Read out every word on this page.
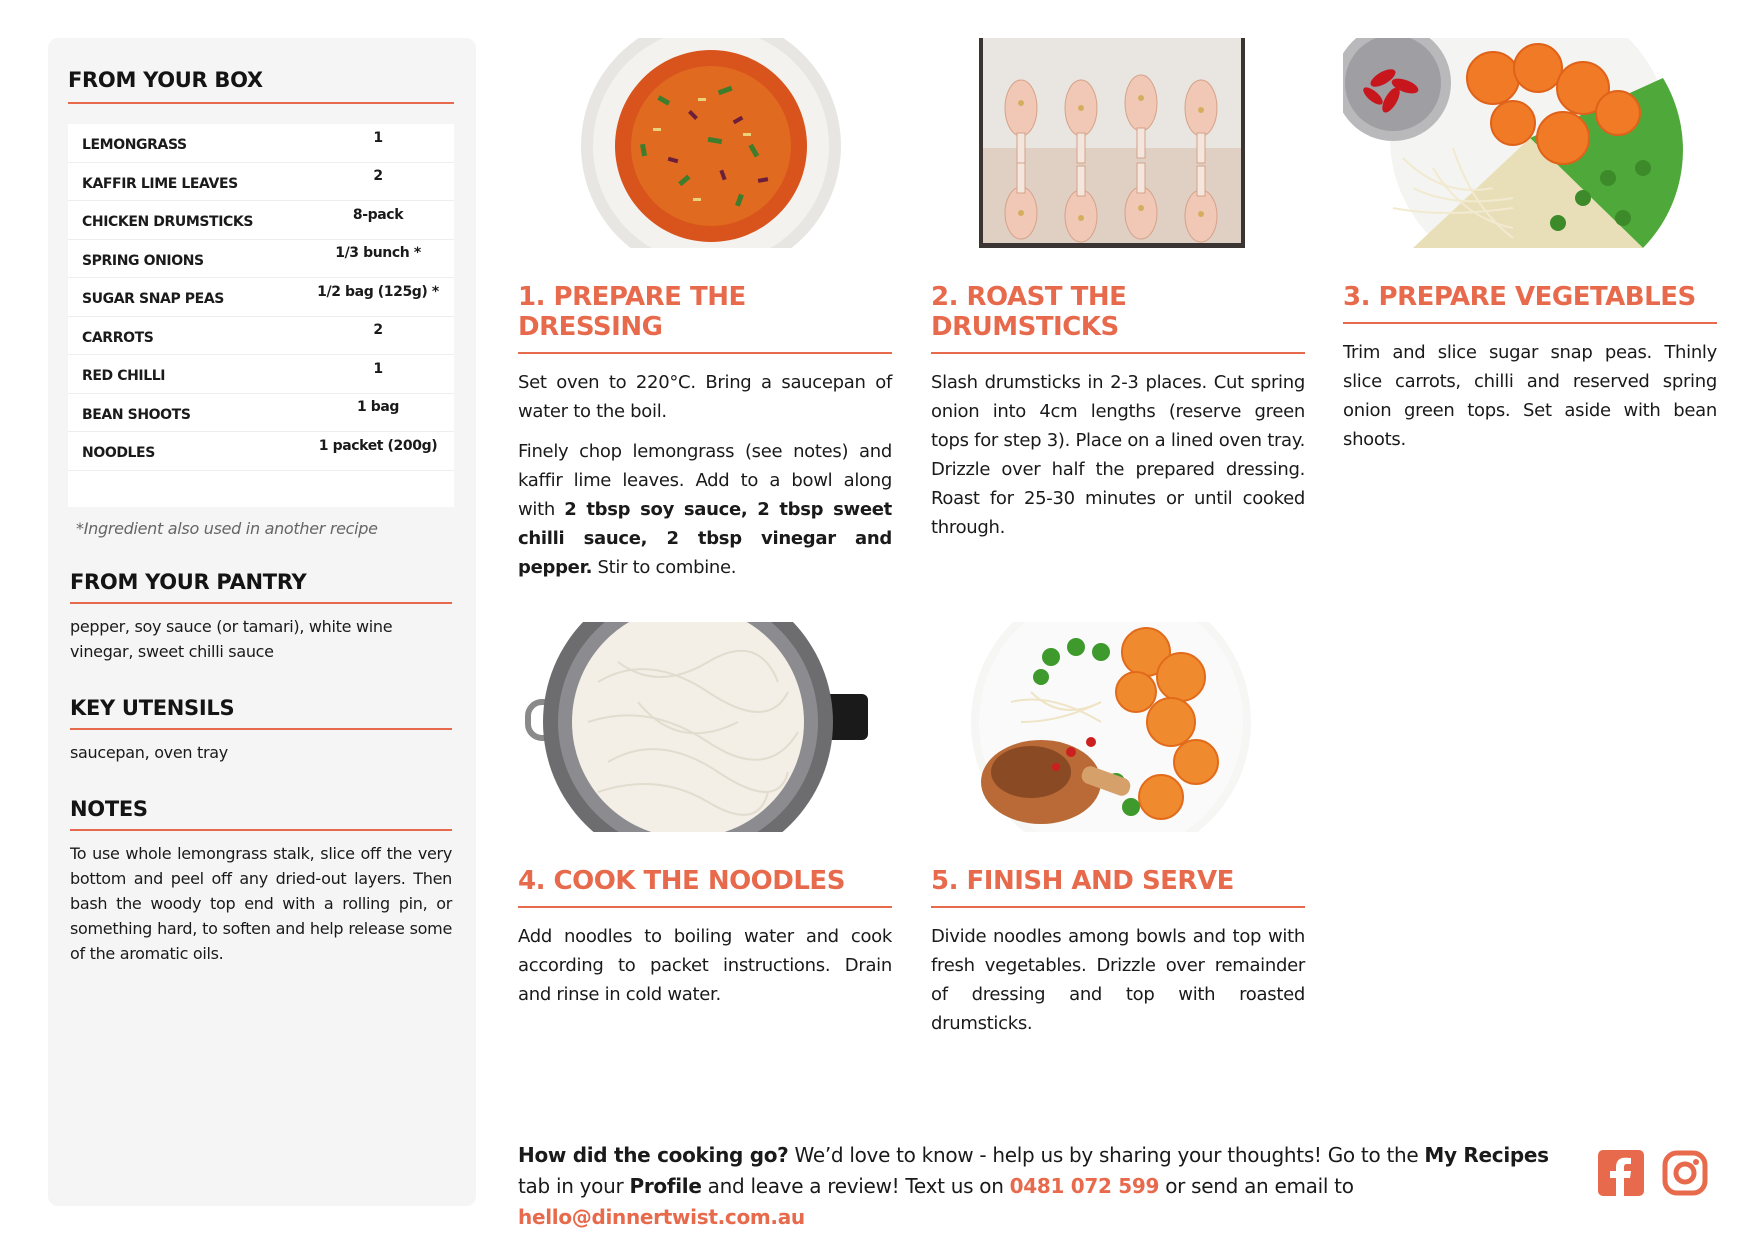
FROM YOUR BOX
LEMONGRASS	1
KAFFIR LIME LEAVES	2
CHICKEN DRUMSTICKS	8-pack
SPRING ONIONS	1/3 bunch *
SUGAR SNAP PEAS	1/2 bag (125g) *
CARROTS	2
RED CHILLI	1
BEAN SHOOTS	1 bag
NOODLES	1 packet (200g)
*Ingredient also used in another recipe
FROM YOUR PANTRY
pepper, soy sauce (or tamari), white wine vinegar, sweet chilli sauce
KEY UTENSILS
saucepan, oven tray
NOTES
To use whole lemongrass stalk, slice off the very bottom and peel off any dried-out layers. Then bash the woody top end with a rolling pin, or something hard, to soften and help release some of the aromatic oils.
1. PREPARE THE DRESSING

Set oven to 220°C. Bring a saucepan of water to the boil.

Finely chop lemongrass (see notes) and kaffir lime leaves. Add to a bowl along with 2 tbsp soy sauce, 2 tbsp sweet chilli sauce, 2 tbsp vinegar and pepper. Stir to combine.

2. ROAST THE DRUMSTICKS

Slash drumsticks in 2-3 places. Cut spring onion into 4cm lengths (reserve green tops for step 3). Place on a lined oven tray. Drizzle over half the prepared dressing. Roast for 25-30 minutes or until cooked through.

3. PREPARE VEGETABLES

Trim and slice sugar snap peas. Thinly slice carrots, chilli and reserved spring onion green tops. Set aside with bean shoots.

4. COOK THE NOODLES

Add noodles to boiling water and cook according to packet instructions. Drain and rinse in cold water.

5. FINISH AND SERVE

Divide noodles among bowls and top with fresh vegetables. Drizzle over remainder of dressing and top with roasted drumsticks.

How did the cooking go? We’d love to know - help us by sharing your thoughts! Go to the My Recipes tab in your Profile and leave a review! Text us on 0481 072 599 or send an email to hello@dinnertwist.com.au
